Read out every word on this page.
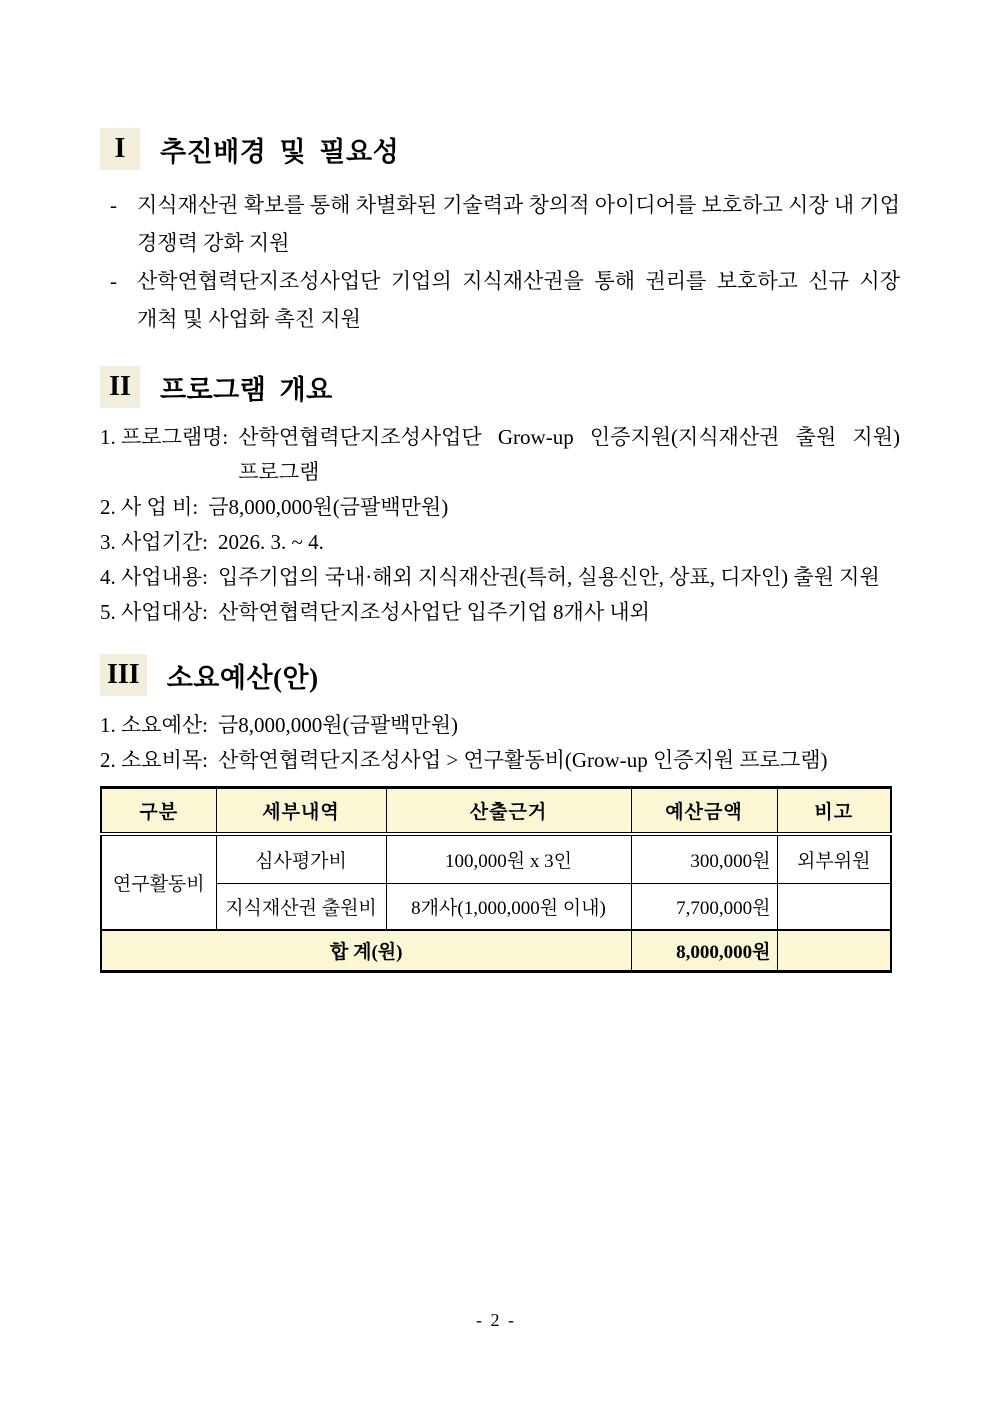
I	추진배경 및 필요성
- 지식재산권 확보를 통해 차별화된 기술력과 창의적 아이디어를 보호하고 시장 내 기업 경쟁력 강화 지원

- 산학연협력단지조성사업단 기업의 지식재산권을 통해 권리를 보호하고 신규 시장 개척 및 사업화 촉진 지원

II	프로그램 개요
1. 프로그램명: 산학연협력단지조성사업단 Grow-up 인증지원(지식재산권 출원 지원) 프로그램
2. 사 업 비: 금8,000,000원(금팔백만원)
3. 사업기간: 2026. 3. ~ 4.
4. 사업내용: 입주기업의 국내·해외 지식재산권(특허, 실용신안, 상표, 디자인) 출원 지원
5. 사업대상: 산학연협력단지조성사업단 입주기업 8개사 내외
III 소요예산(안)
1. 소요예산: 금8,000,000원(금팔백만원)
2. 소요비목: 산학연협력단지조성사업 > 연구활동비(Grow-up 인증지원 프로그램)
구분	세부내역	산출근거	예산금액	비고
연구활동비	심사평가비	100,000원 x 3인	300,000원	외부위원
	지식재산권 출원비	8개사(1,000,000원 이내)	7,700,000원	
합 계(원)			8,000,000원	
- 2 -
